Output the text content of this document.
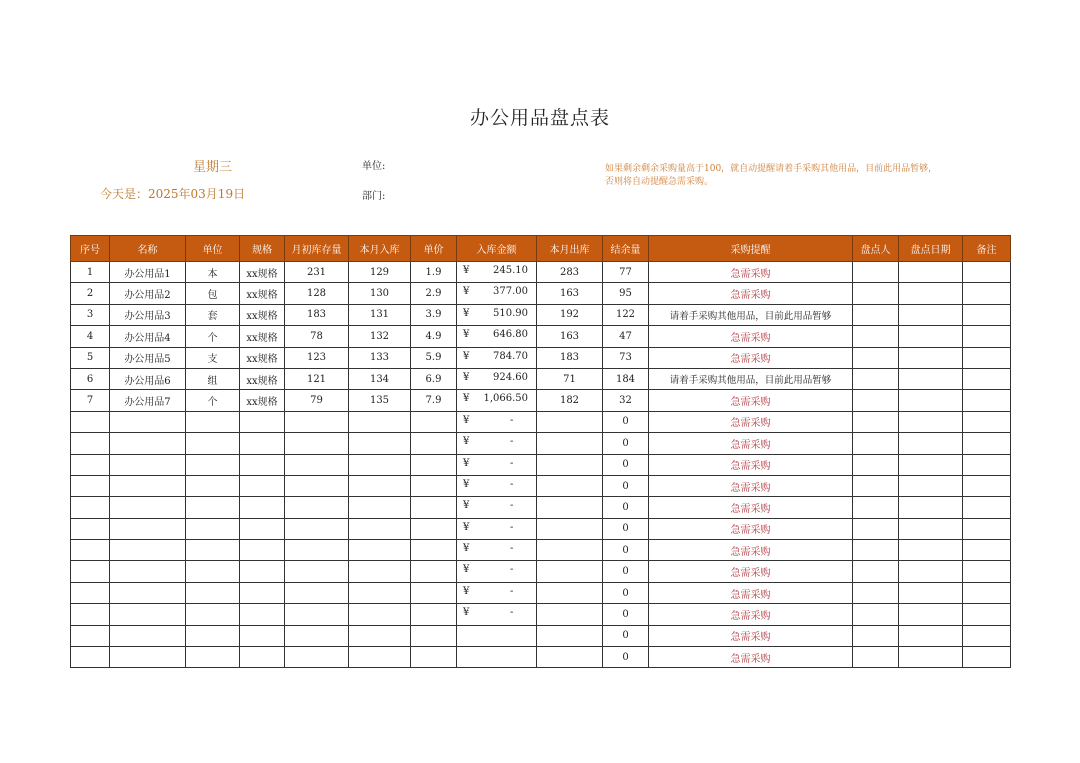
办公用品盘点表
星期三
今天是：2025年03月19日
单位:
部门:
如果剩余剩余采购量高于100，就自动提醒请着手采购其他用品，目前此用品暂够，
否则将自动提醒急需采购。
序号	名称	单位	规格	月初库存量	本月入库	单价	入库金额	本月出库	结余量	采购提醒	盘点人	盘点日期	备注
1	办公用品1	本	xx规格	231	129	1.9	¥ 245.10	283	77	急需采购			
2	办公用品2	包	xx规格	128	130	2.9	¥ 377.00	163	95	急需采购			
3	办公用品3	套	xx规格	183	131	3.9	¥ 510.90	192	122	请着手采购其他用品，目前此用品暂够			
4	办公用品4	个	xx规格	78	132	4.9	¥ 646.80	163	47	急需采购			
5	办公用品5	支	xx规格	123	133	5.9	¥ 784.70	183	73	急需采购			
6	办公用品6	组	xx规格	121	134	6.9	¥ 924.60	71	184	请着手采购其他用品，目前此用品暂够			
7	办公用品7	个	xx规格	79	135	7.9	¥ 1,066.50	182	32	急需采购			

							¥ -		0	急需采购			

							¥ -		0	急需采购			

							¥ -		0	急需采购			

							¥ -		0	急需采购			

							¥ -		0	急需采购			

							¥ -		0	急需采购			

							¥ -		0	急需采购			

							¥ -		0	急需采购			

							¥ -		0	急需采购			

							¥ -		0	急需采购			
									0	急需采购			
									0	急需采购			
